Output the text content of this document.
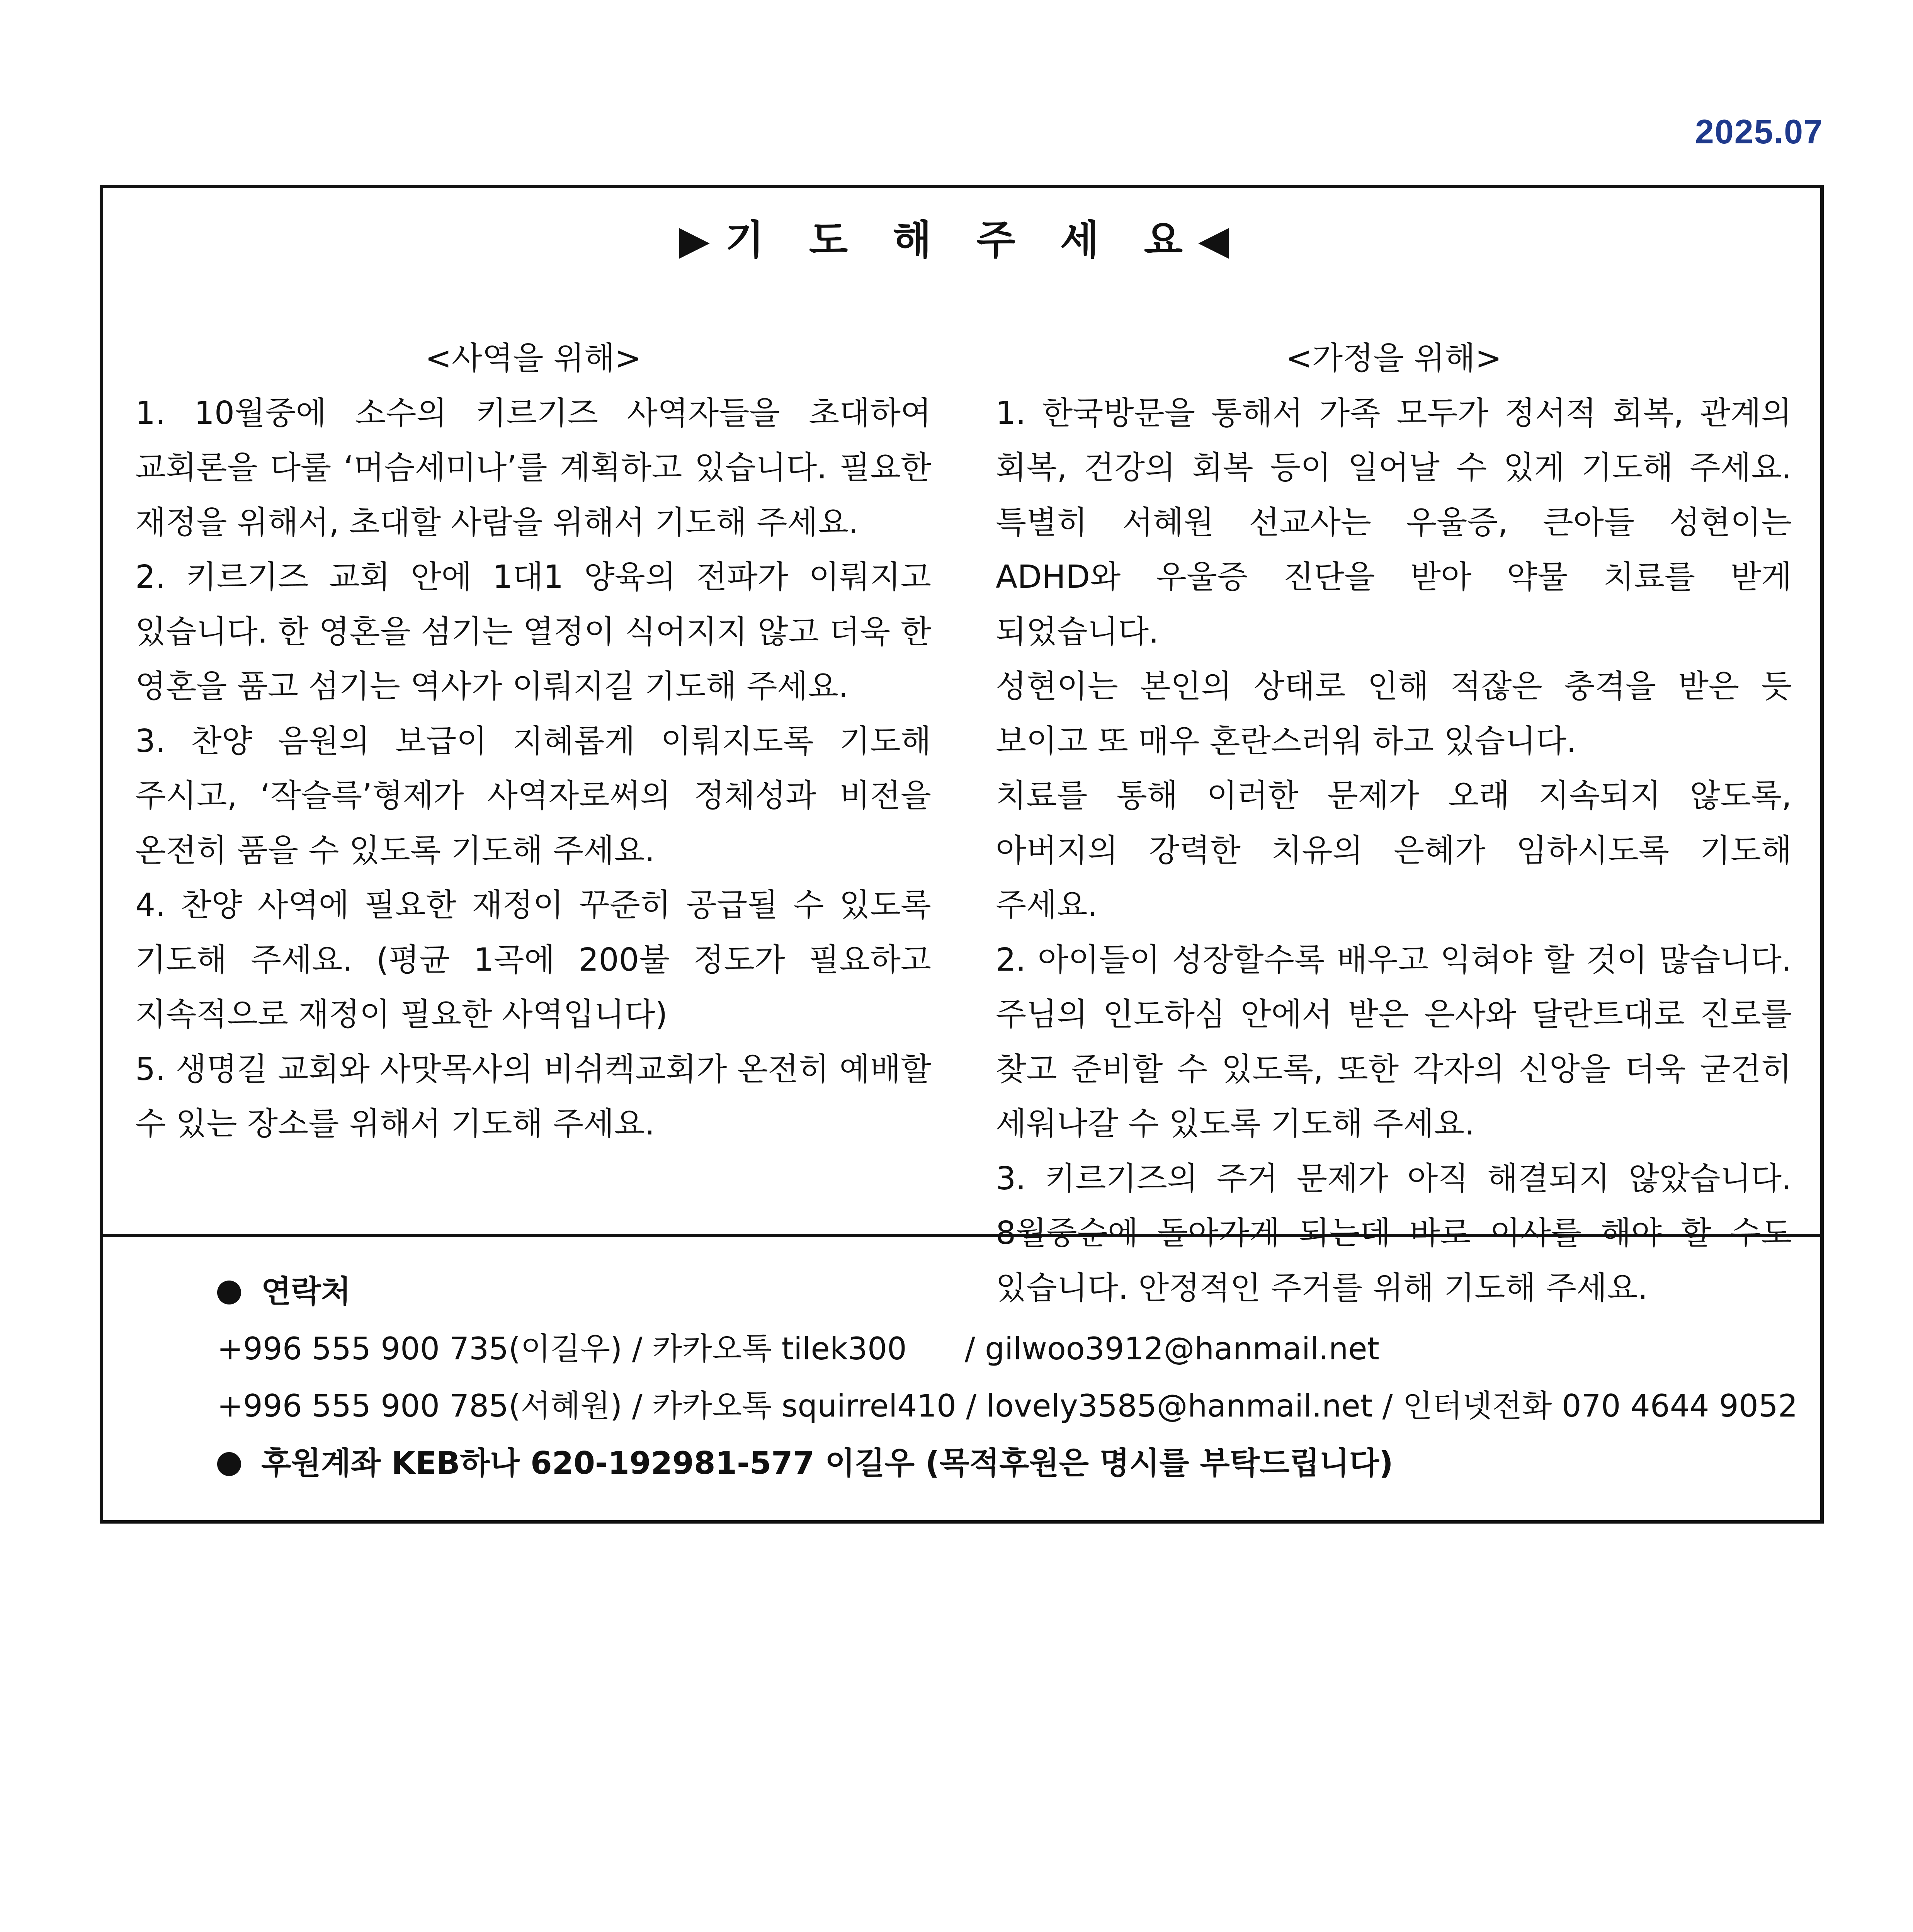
2025.07
▶기 도 해 주 세 요◀
<사역을 위해>
1. 10월중에 소수의 키르기즈 사역자들을 초대하여 교회론을 다룰 ‘머슴세미나’를 계획하고 있습니다. 필요한 재정을 위해서, 초대할 사람을 위해서 기도해 주세요.
2. 키르기즈 교회 안에 1대1 양육의 전파가 이뤄지고 있습니다. 한 영혼을 섬기는 열정이 식어지지 않고 더욱 한 영혼을 품고 섬기는 역사가 이뤄지길 기도해 주세요.
3. 찬양 음원의 보급이 지혜롭게 이뤄지도록 기도해 주시고, ‘작슬륵’형제가 사역자로써의 정체성과 비전을 온전히 품을 수 있도록 기도해 주세요.
4. 찬양 사역에 필요한 재정이 꾸준히 공급될 수 있도록 기도해 주세요. (평균 1곡에 200불 정도가 필요하고 지속적으로 재정이 필요한 사역입니다)
5. 생명길 교회와 사맛목사의 비쉬켁교회가 온전히 예배할 수 있는 장소를 위해서 기도해 주세요.
<가정을 위해>
1. 한국방문을 통해서 가족 모두가 정서적 회복, 관계의 회복, 건강의 회복 등이 일어날 수 있게 기도해 주세요. 특별히 서혜원 선교사는 우울증, 큰아들 성현이는 ADHD와 우울증 진단을 받아 약물 치료를 받게 되었습니다.
성현이는 본인의 상태로 인해 적잖은 충격을 받은 듯 보이고 또 매우 혼란스러워 하고 있습니다.
치료를 통해 이러한 문제가 오래 지속되지 않도록, 아버지의 강력한 치유의 은혜가 임하시도록 기도해 주세요.
2. 아이들이 성장할수록 배우고 익혀야 할 것이 많습니다. 주님의 인도하심 안에서 받은 은사와 달란트대로 진로를 찾고 준비할 수 있도록, 또한 각자의 신앙을 더욱 굳건히 세워나갈 수 있도록 기도해 주세요.
3. 키르기즈의 주거 문제가 아직 해결되지 않았습니다. 8월중순에 돌아가게 되는데 바로 이사를 해야 할 수도 있습니다. 안정적인 주거를 위해 기도해 주세요.
연락처
+996 555 900 735(이길우) / 카카오톡 tilek300 / gilwoo3912@hanmail.net
+996 555 900 785(서혜원) / 카카오톡 squirrel410 / lovely3585@hanmail.net / 인터넷전화 070 4644 9052
후원계좌 KEB하나 620-192981-577 이길우 (목적후원은 명시를 부탁드립니다)
